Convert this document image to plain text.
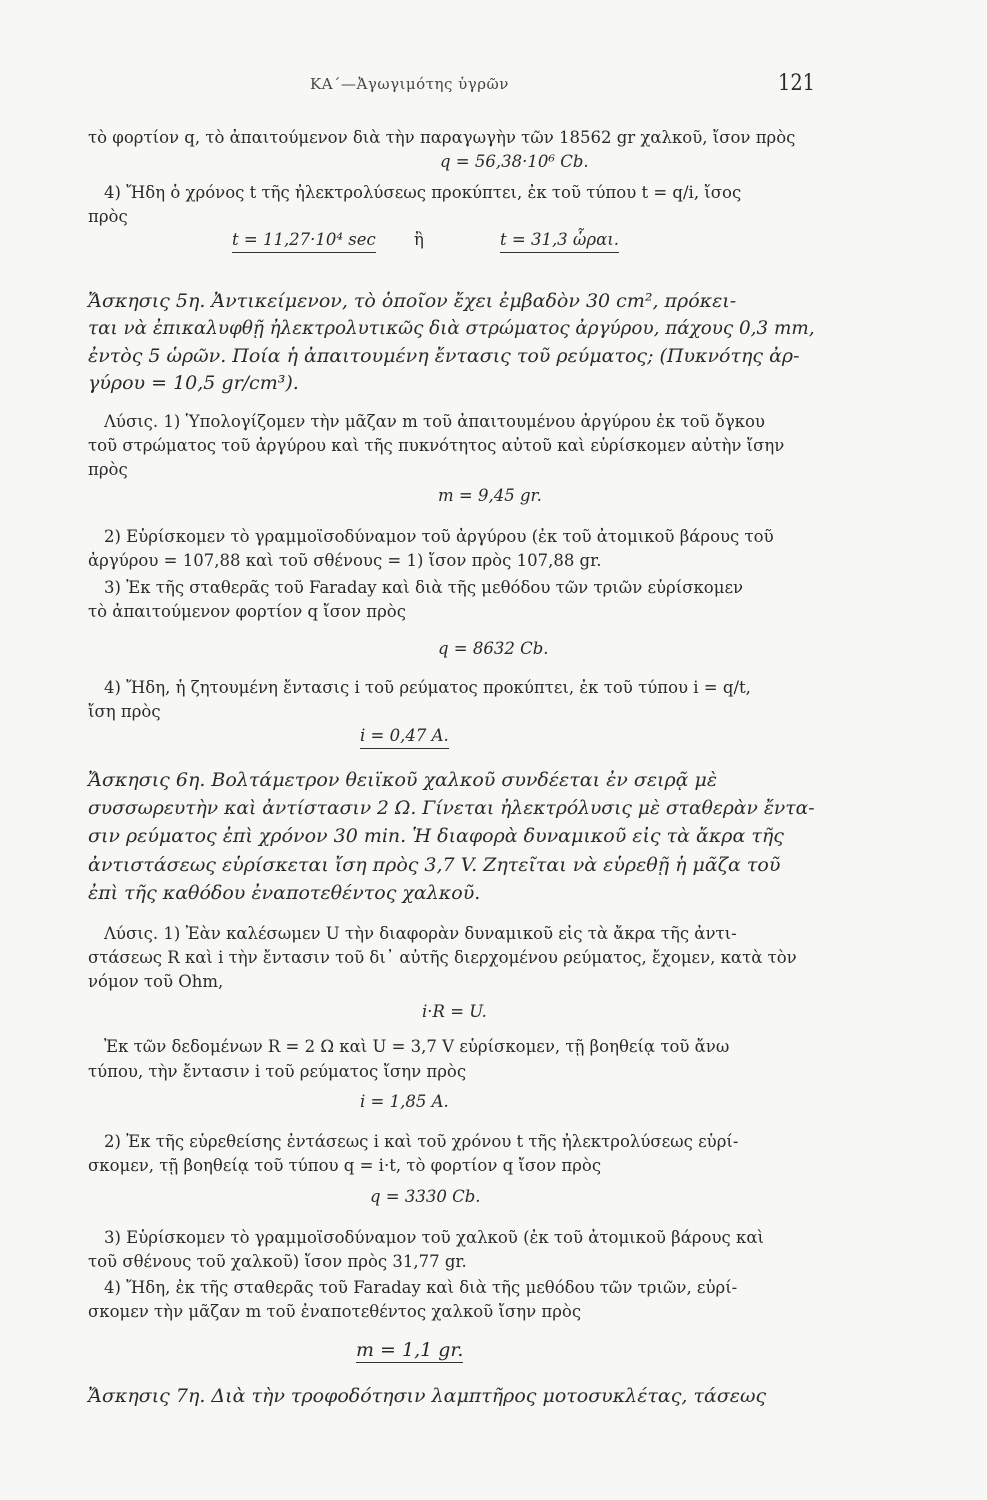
ΚΑ΄—Ἀγωγιμότης ὑγρῶν	121
τὸ φορτίον q, τὸ ἀπαιτούμενον διὰ τὴν παραγωγὴν τῶν 18562 gr χαλκοῦ, ἴσον πρὸς
q = 56,38·10⁶ Cb.
4) Ἤδη ὁ χρόνος t τῆς ἠλεκτρολύσεως προκύπτει, ἐκ τοῦ τύπου t = q/i, ἴσος
πρὸς
t = 11,27·10⁴ sec ἢ	t = 31,3 ὧραι.
Ἄσκησις 5η. Ἀντικείμενον, τὸ ὁποῖον ἔχει ἐμβαδὸν 30 cm², πρόκει-
ται νὰ ἐπικαλυφθῇ ἠλεκτρολυτικῶς διὰ στρώματος ἀργύρου, πάχους 0,3 mm,
ἐντὸς 5 ὡρῶν. Ποία ἡ ἀπαιτουμένη ἔντασις τοῦ ρεύματος; (Πυκνότης ἀρ-
γύρου = 10,5 gr/cm³).
Λύσις. 1) Ὑπολογίζομεν τὴν μᾶζαν m τοῦ ἀπαιτουμένου ἀργύρου ἐκ τοῦ ὄγκου
τοῦ στρώματος τοῦ ἀργύρου καὶ τῆς πυκνότητος αὐτοῦ καὶ εὑρίσκομεν αὐτὴν ἴσην
πρὸς
m = 9,45 gr.
2) Εὑρίσκομεν τὸ γραμμοϊσοδύναμον τοῦ ἀργύρου (ἐκ τοῦ ἀτομικοῦ βάρους τοῦ
ἀργύρου = 107,88 καὶ τοῦ σθένους = 1) ἴσον πρὸς 107,88 gr.
3) Ἐκ τῆς σταθερᾶς τοῦ Faraday καὶ διὰ τῆς μεθόδου τῶν τριῶν εὑρίσκομεν
τὸ ἀπαιτούμενον φορτίον q ἴσον πρὸς
q = 8632 Cb.
4) Ἤδη, ἡ ζητουμένη ἔντασις i τοῦ ρεύματος προκύπτει, ἐκ τοῦ τύπου i = q/t,
ἴση πρὸς
i = 0,47 A.
Ἄσκησις 6η. Βολτάμετρον θειϊκοῦ χαλκοῦ συνδέεται ἐν σειρᾷ μὲ
συσσωρευτὴν καὶ ἀντίστασιν 2 Ω. Γίνεται ἠλεκτρόλυσις μὲ σταθερὰν ἔντα-
σιν ρεύματος ἐπὶ χρόνον 30 min. Ἡ διαφορὰ δυναμικοῦ εἰς τὰ ἄκρα τῆς
ἀντιστάσεως εὑρίσκεται ἴση πρὸς 3,7 V. Ζητεῖται νὰ εὑρεθῇ ἡ μᾶζα τοῦ
ἐπὶ τῆς καθόδου ἐναποτεθέντος χαλκοῦ.
Λύσις. 1) Ἐὰν καλέσωμεν U τὴν διαφορὰν δυναμικοῦ εἰς τὰ ἄκρα τῆς ἀντι-
στάσεως R καὶ i τὴν ἔντασιν τοῦ δι᾿ αὐτῆς διερχομένου ρεύματος, ἔχομεν, κατὰ τὸν
νόμον τοῦ Ohm,
i·R = U.
Ἐκ τῶν δεδομένων R = 2 Ω καὶ U = 3,7 V εὑρίσκομεν, τῇ βοηθείᾳ τοῦ ἄνω
τύπου, τὴν ἔντασιν i τοῦ ρεύματος ἴσην πρὸς
i = 1,85 A.
2) Ἐκ τῆς εὑρεθείσης ἐντάσεως i καὶ τοῦ χρόνου t τῆς ἠλεκτρολύσεως εὑρί-
σκομεν, τῇ βοηθείᾳ τοῦ τύπου q = i·t, τὸ φορτίον q ἴσον πρὸς
q = 3330 Cb.
3) Εὑρίσκομεν τὸ γραμμοϊσοδύναμον τοῦ χαλκοῦ (ἐκ τοῦ ἀτομικοῦ βάρους καὶ
τοῦ σθένους τοῦ χαλκοῦ) ἴσον πρὸς 31,77 gr.
4) Ἤδη, ἐκ τῆς σταθερᾶς τοῦ Faraday καὶ διὰ τῆς μεθόδου τῶν τριῶν, εὑρί-
σκομεν τὴν μᾶζαν m τοῦ ἐναποτεθέντος χαλκοῦ ἴσην πρὸς
m = 1,1 gr.
Ἄσκησις 7η. Διὰ τὴν τροφοδότησιν λαμπτῆρος μοτοσυκλέτας, τάσεως
